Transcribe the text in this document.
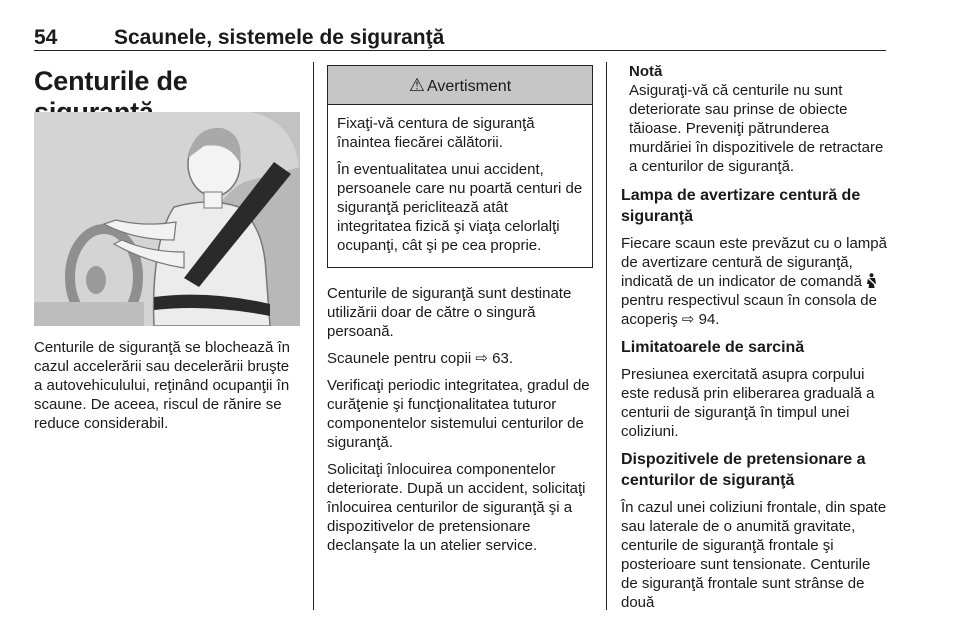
54	Scaunele, sistemele de siguranţă
Centurile de

Centurile de siguranţă se blochează în cazul accelerării sau decelerării bruşte a autovehiculului, reţinând ocupanţii în scaune. De aceea, riscul de rănire se reduce considerabil.

⚠ Avertisment

Fixaţi-vă centura de siguranţă înaintea fiecărei călătorii.

În eventualitatea unui accident, persoanele care nu poartă centuri de siguranţă periclitează atât integritatea fizică şi viaţa celorlalţi ocupanţi, cât şi pe cea proprie.

Centurile de siguranţă sunt destinate utilizării doar de către o singură persoană.

Scaunele pentru copii ⇨ 63.

Verificaţi periodic integritatea, gradul de curăţenie şi funcţionalitatea tuturor componentelor sistemului centurilor de siguranţă.

Solicitaţi înlocuirea componentelor deteriorate. După un accident, solicitaţi înlocuirea centurilor de siguranţă şi a dispozitivelor de pretensionare declanşate la un atelier service.

Notă
Asiguraţi-vă că centurile nu sunt deteriorate sau prinse de obiecte tăioase. Preveniţi pătrunderea murdăriei în dispozitivele de retractare a centurilor de siguranţă.
Lampa de avertizare centură de siguranţă

Fiecare scaun este prevăzut cu o lampă de avertizare centură de siguranţă, indicată de un indicator de comandă  pentru respectivul scaun în consola de acoperiş ⇨ 94.

Limitatoarele de sarcină

Presiunea exercitată asupra corpului este redusă prin eliberarea graduală a centurii de siguranţă în timpul unei coliziuni.

Dispozitivele de pretensionare a centurilor de siguranţă

În cazul unei coliziuni frontale, din spate sau laterale de o anumită gravitate, centurile de siguranţă frontale şi posterioare sunt tensionate. Centurile de siguranţă frontale sunt strânse de două
